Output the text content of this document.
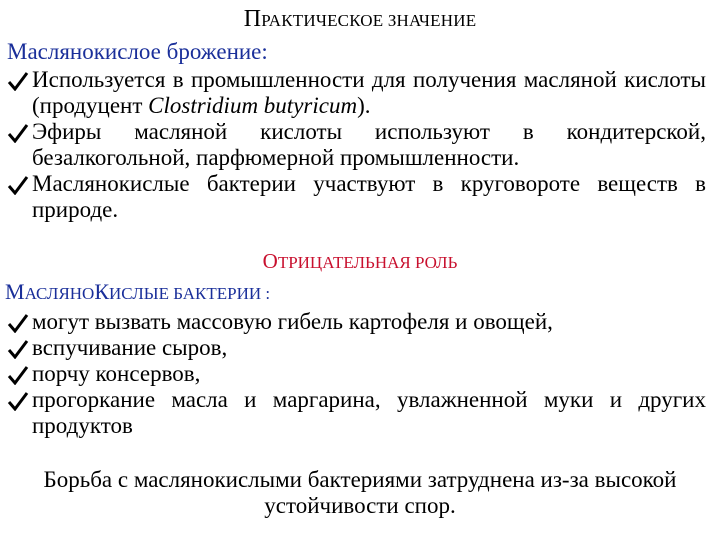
ПРАКТИЧЕСКОЕ ЗНАЧЕНИЕ
Маслянокислое брожение:
Используется в промышленности для получения масляной кислоты (продуцент Clostridium butyricum).
Эфиры масляной кислоты используют в кондитерской, безалкогольной, парфюмерной промышленности.
Маслянокислые бактерии участвуют в круговороте веществ в природе.
ОТРИЦАТЕЛЬНАЯ РОЛЬ
МАСЛЯНОКИСЛЫЕ БАКТЕРИИ :
могут вызвать массовую гибель картофеля и овощей,
вспучивание сыров,
порчу консервов,
прогоркание масла и маргарина, увлажненной муки и других продуктов
Борьба с маслянокислыми бактериями затруднена из-за высокой устойчивости спор.
